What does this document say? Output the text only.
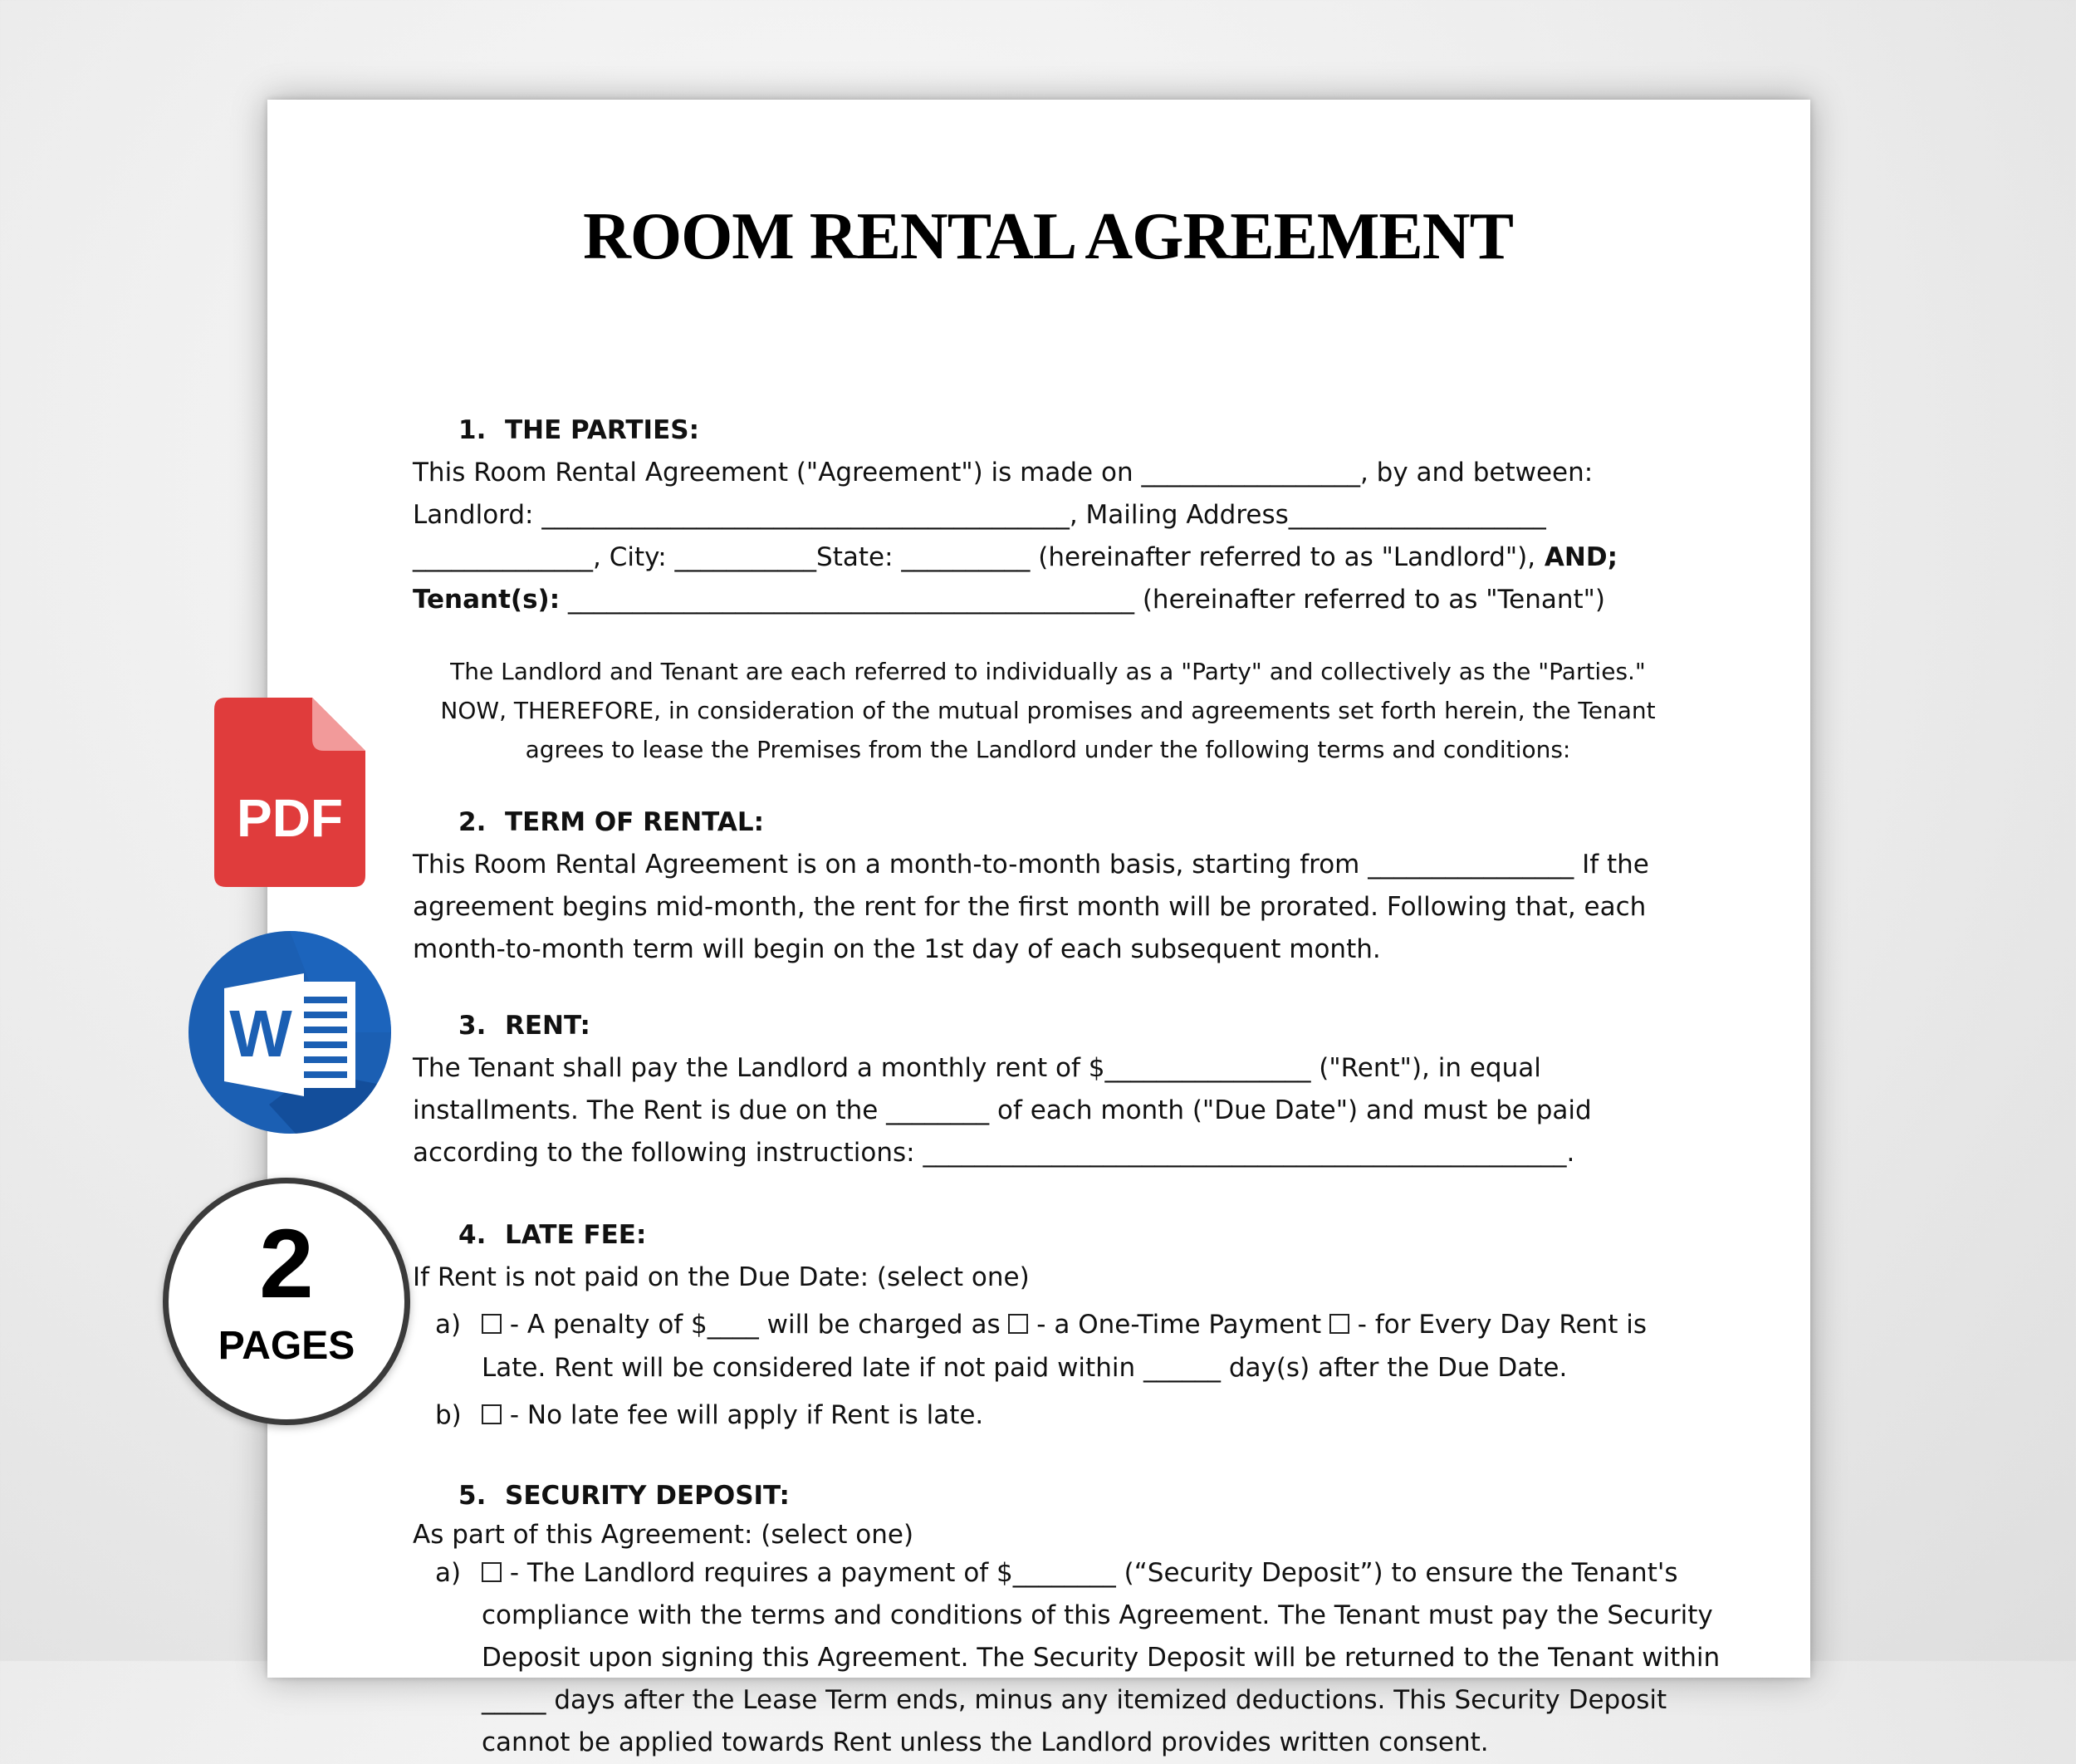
ROOM RENTAL AGREEMENT
1. THE PARTIES:
This Room Rental Agreement ("Agreement") is made on _________________, by and between:
Landlord: _________________________________________, Mailing Address____________________
______________, City: ___________State: __________ (hereinafter referred to as "Landlord"), AND;
Tenant(s): ____________________________________________ (hereinafter referred to as "Tenant")
The Landlord and Tenant are each referred to individually as a "Party" and collectively as the "Parties."
NOW, THEREFORE, in consideration of the mutual promises and agreements set forth herein, the Tenant
agrees to lease the Premises from the Landlord under the following terms and conditions:
2. TERM OF RENTAL:
This Room Rental Agreement is on a month-to-month basis, starting from ________________ If the
agreement begins mid-month, the rent for the first month will be prorated. Following that, each
month-to-month term will begin on the 1st day of each subsequent month.
3. RENT:
The Tenant shall pay the Landlord a monthly rent of $________________ ("Rent"), in equal
installments. The Rent is due on the ________ of each month ("Due Date") and must be paid
according to the following instructions: __________________________________________________.
4. LATE FEE:
If Rent is not paid on the Due Date: (select one)
a) - A penalty of $____ will be charged as  - a One-Time Payment  - for Every Day Rent is
Late. Rent will be considered late if not paid within ______ day(s) after the Due Date.
b) - No late fee will apply if Rent is late.
5. SECURITY DEPOSIT:
As part of this Agreement: (select one)
a) - The Landlord requires a payment of $________ (“Security Deposit”) to ensure the Tenant's
compliance with the terms and conditions of this Agreement. The Tenant must pay the Security
Deposit upon signing this Agreement. The Security Deposit will be returned to the Tenant within
_____ days after the Lease Term ends, minus any itemized deductions. This Security Deposit
cannot be applied towards Rent unless the Landlord provides written consent.
PDF
W
2
PAGES
